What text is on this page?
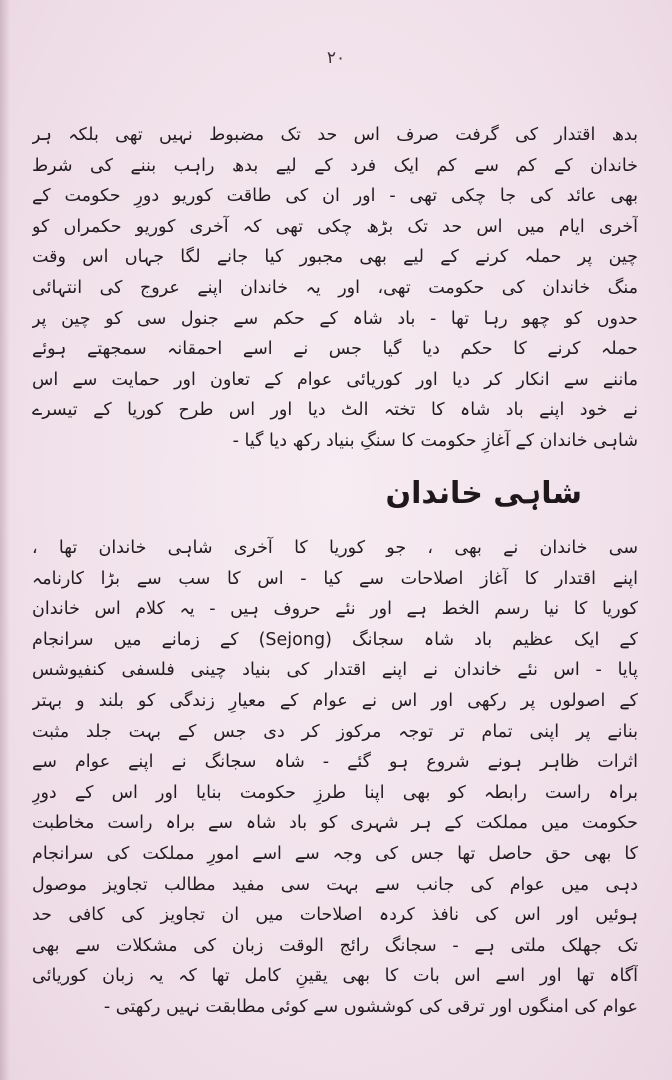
٢٠
بدھ اقتدار کی گرفت صرف اس حد تک مضبوط نہیں تھی بلکہ ہر
خاندان کے کم سے کم ایک فرد کے لیے بدھ راہب بننے کی شرط
بھی عائد کی جا چکی تھی - اور ان کی طاقت کوریو دورِ حکومت کے
آخری ایام میں اس حد تک بڑھ چکی تھی کہ آخری کوریو حکمراں کو
چین پر حملہ کرنے کے لیے بھی مجبور کیا جانے لگا جہاں اس وقت
منگ خاندان کی حکومت تھی، اور یہ خاندان اپنے عروج کی انتہائی
حدوں کو چھو رہا تھا - باد شاہ کے حکم سے جنول سی کو چین پر
حملہ کرنے کا حکم دیا گیا جس نے اسے احمقانہ سمجھتے ہوئے
ماننے سے انکار کر دیا اور کوریائی عوام کے تعاون اور حمایت سے اس
نے خود اپنے باد شاہ کا تختہ الٹ دیا اور اس طرح کوریا کے تیسرے
شاہی خاندان کے آغازِ حکومت کا سنگِ بنیاد رکھ دیا گیا -
شاہی خاندان
سی خاندان نے بھی ، جو کوریا کا آخری شاہی خاندان تھا ،
اپنے اقتدار کا آغاز اصلاحات سے کیا - اس کا سب سے بڑا کارنامہ
کوریا کا نیا رسم الخط ہے اور نئے حروف ہیں - یہ کلام اس خاندان
کے ایک عظیم باد شاہ سجانگ (Sejong) کے زمانے میں سرانجام
پایا - اس نئے خاندان نے اپنے اقتدار کی بنیاد چینی فلسفی کنفیوشس
کے اصولوں پر رکھی اور اس نے عوام کے معیارِ زندگی کو بلند و بہتر
بنانے پر اپنی تمام تر توجہ مرکوز کر دی جس کے بہت جلد مثبت
اثرات ظاہر ہونے شروع ہو گئے - شاہ سجانگ نے اپنے عوام سے
براہ راست رابطہ کو بھی اپنا طرزِ حکومت بنایا اور اس کے دورِ
حکومت میں مملکت کے ہر شہری کو باد شاہ سے براہ راست مخاطبت
کا بھی حق حاصل تھا جس کی وجہ سے اسے امورِ مملکت کی سرانجام
دہی میں عوام کی جانب سے بہت سی مفید مطالب تجاویز موصول
ہوئیں اور اس کی نافذ کردہ اصلاحات میں ان تجاویز کی کافی حد
تک جھلک ملتی ہے - سجانگ رائج الوقت زبان کی مشکلات سے بھی
آگاہ تھا اور اسے اس بات کا بھی یقینِ کامل تھا کہ یہ زبان کوریائی
عوام کی امنگوں اور ترقی کی کوششوں سے کوئی مطابقت نہیں رکھتی -
